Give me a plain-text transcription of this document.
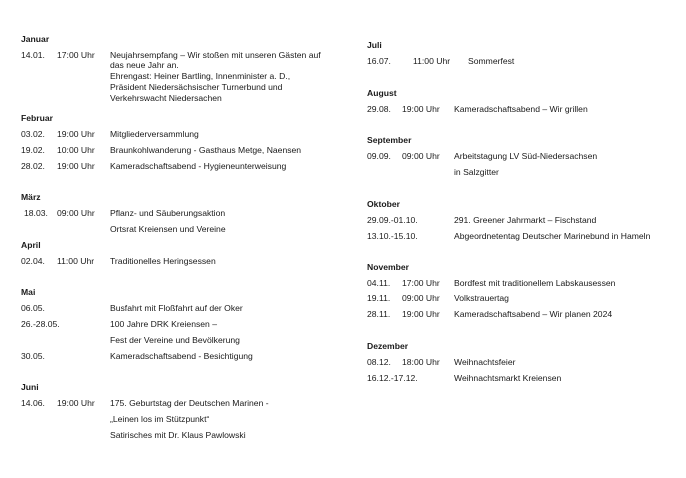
Januar
14.01. 17:00 Uhr Neujahrsempfang – Wir stoßen mit unseren Gästen auf
das neue Jahr an.
Ehrengast: Heiner Bartling, Innenminister a. D.,
Präsident Niedersächsischer Turnerbund und
Verkehrswacht Niedersachen
Februar
03.02. 19:00 Uhr Mitgliederversammlung
19.02. 10:00 Uhr Braunkohlwanderung - Gasthaus Metge, Naensen
28.02. 19:00 Uhr Kameradschaftsabend - Hygieneunterweisung
März
18.03. 09:00 Uhr Pflanz- und Säuberungsaktion
Ortsrat Kreiensen und Vereine
April
02.04. 11:00 Uhr Traditionelles Heringsessen
Mai
06.05.	Busfahrt mit Floßfahrt auf der Oker
26.-28.05.	100 Jahre DRK Kreiensen –
Fest der Vereine und Bevölkerung
30.05.	Kameradschaftsabend - Besichtigung
Juni
14.06. 19:00 Uhr 175. Geburtstag der Deutschen Marinen -
„Leinen los im Stützpunkt“
Satirisches mit Dr. Klaus Pawlowski
Juli
16.07.	11:00 Uhr Sommerfest
August
29.08. 19:00 Uhr Kameradschaftsabend – Wir grillen
September
09.09. 09:00 Uhr Arbeitstagung LV Süd-Niedersachsen
in Salzgitter
Oktober
29.09.-01.10.	291. Greener Jahrmarkt – Fischstand
13.10.-15.10.	Abgeordnetentag Deutscher Marinebund in Hameln
November
04.11. 17:00 Uhr Bordfest mit traditionellem Labskausessen
19.11. 09:00 Uhr Volkstrauertag
28.11. 19:00 Uhr Kameradschaftsabend – Wir planen 2024
Dezember
08.12. 18:00 Uhr Weihnachtsfeier
16.12.-17.12.	Weihnachtsmarkt Kreiensen
